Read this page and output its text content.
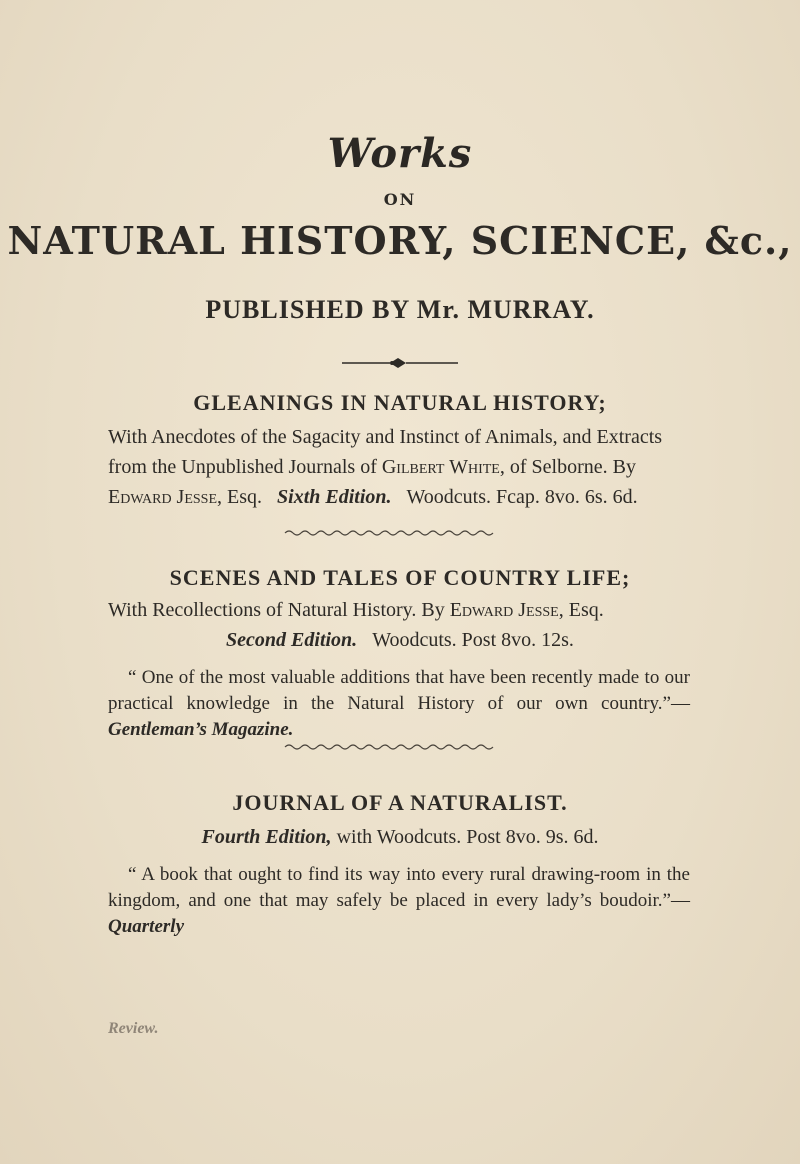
Works
ON
NATURAL HISTORY, SCIENCE, &c.,
PUBLISHED BY Mr. MURRAY.
GLEANINGS IN NATURAL HISTORY;
With Anecdotes of the Sagacity and Instinct of Animals, and Extracts
from the Unpublished Journals of Gilbert White, of Selborne. By
Edward Jesse, Esq. Sixth Edition. Woodcuts. Fcap. 8vo. 6s. 6d.
SCENES AND TALES OF COUNTRY LIFE;
With Recollections of Natural History. By Edward Jesse, Esq.
Second Edition. Woodcuts. Post 8vo. 12s.
“ One of the most valuable additions that have been recently made to our practical knowledge in the Natural History of our own country.”—Gentleman’s Magazine.
JOURNAL OF A NATURALIST.
Fourth Edition, with Woodcuts. Post 8vo. 9s. 6d.
“ A book that ought to find its way into every rural drawing-room in the kingdom, and one that may safely be placed in every lady’s boudoir.”—Quarterly
Review.
